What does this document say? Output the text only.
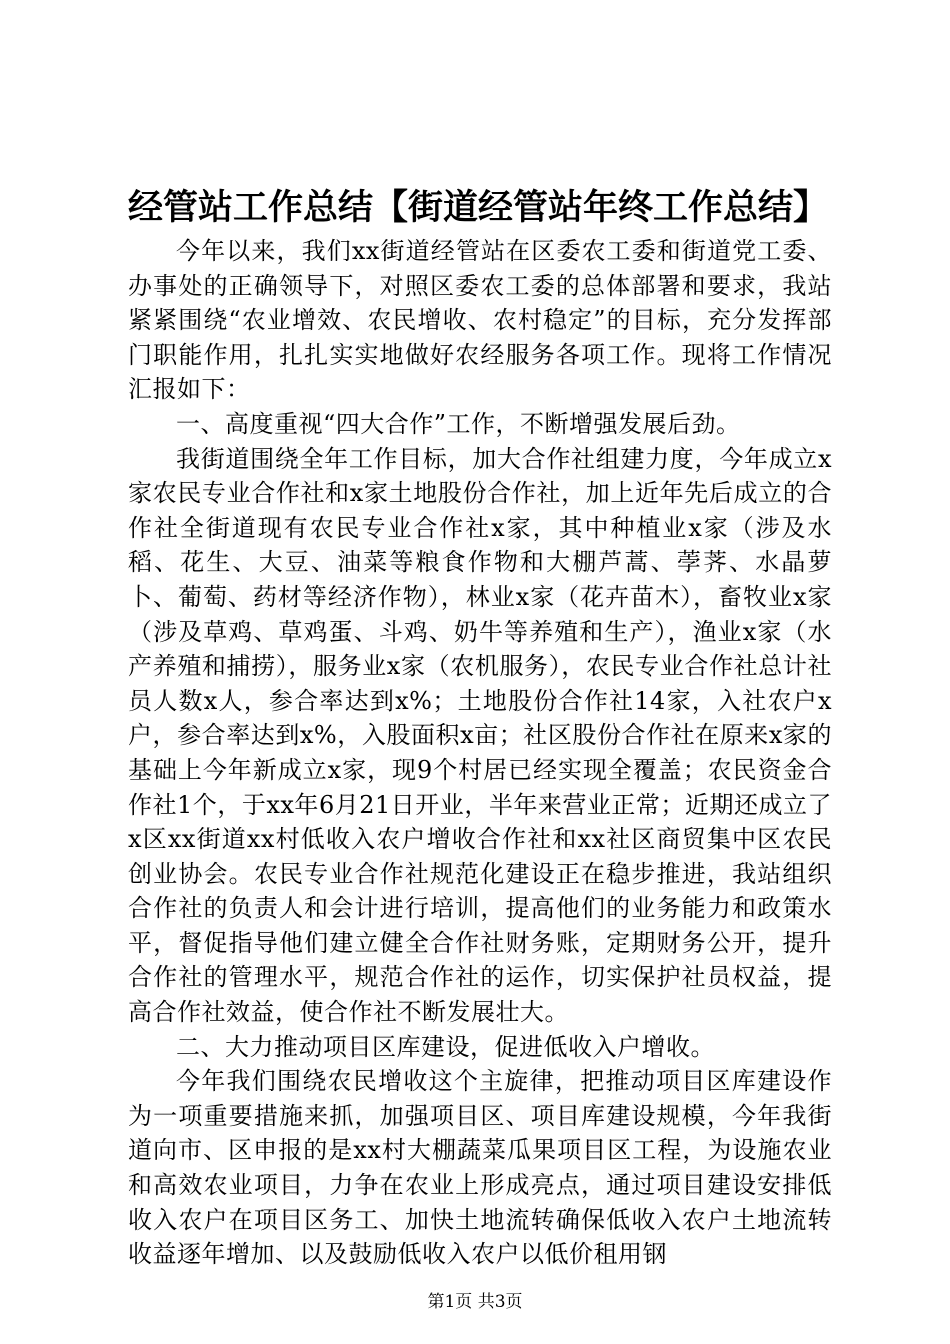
经管站工作总结【街道经管站年终工作总结】

今年以来，我们xx街道经管站在区委农工委和街道党工委、办事处的正确领导下，对照区委农工委的总体部署和要求，我站紧紧围绕“农业增效、农民增收、农村稳定”的目标，充分发挥部门职能作用，扎扎实实地做好农经服务各项工作。现将工作情况汇报如下：

一、高度重视“四大合作”工作，不断增强发展后劲。

我街道围绕全年工作目标，加大合作社组建力度，今年成立x家农民专业合作社和x家土地股份合作社，加上近年先后成立的合作社全街道现有农民专业合作社x家，其中种植业x家（涉及水稻、花生、大豆、油菜等粮食作物和大棚芦蒿、荸荠、水晶萝卜、葡萄、药材等经济作物），林业x家（花卉苗木），畜牧业x家（涉及草鸡、草鸡蛋、斗鸡、奶牛等养殖和生产），渔业x家（水产养殖和捕捞），服务业x家（农机服务），农民专业合作社总计社员人数x人，参合率达到x%；土地股份合作社14家，入社农户x户，参合率达到x%，入股面积x亩；社区股份合作社在原来x家的基础上今年新成立x家，现9个村居已经实现全覆盖；农民资金合作社1个，于xx年6月21日开业，半年来营业正常；近期还成立了x区xx街道xx村低收入农户增收合作社和xx社区商贸集中区农民创业协会。农民专业合作社规范化建设正在稳步推进，我站组织合作社的负责人和会计进行培训，提高他们的业务能力和政策水平，督促指导他们建立健全合作社财务账，定期财务公开，提升合作社的管理水平，规范合作社的运作，切实保护社员权益，提高合作社效益，使合作社不断发展壮大。

二、大力推动项目区库建设，促进低收入户增收。

今年我们围绕农民增收这个主旋律，把推动项目区库建设作为一项重要措施来抓，加强项目区、项目库建设规模，今年我街道向市、区申报的是xx村大棚蔬菜瓜果项目区工程，为设施农业和高效农业项目，力争在农业上形成亮点，通过项目建设安排低收入农户在项目区务工、加快土地流转确保低收入农户土地流转收益逐年增加、以及鼓励低收入农户以低价租用钢

第1页 共3页
